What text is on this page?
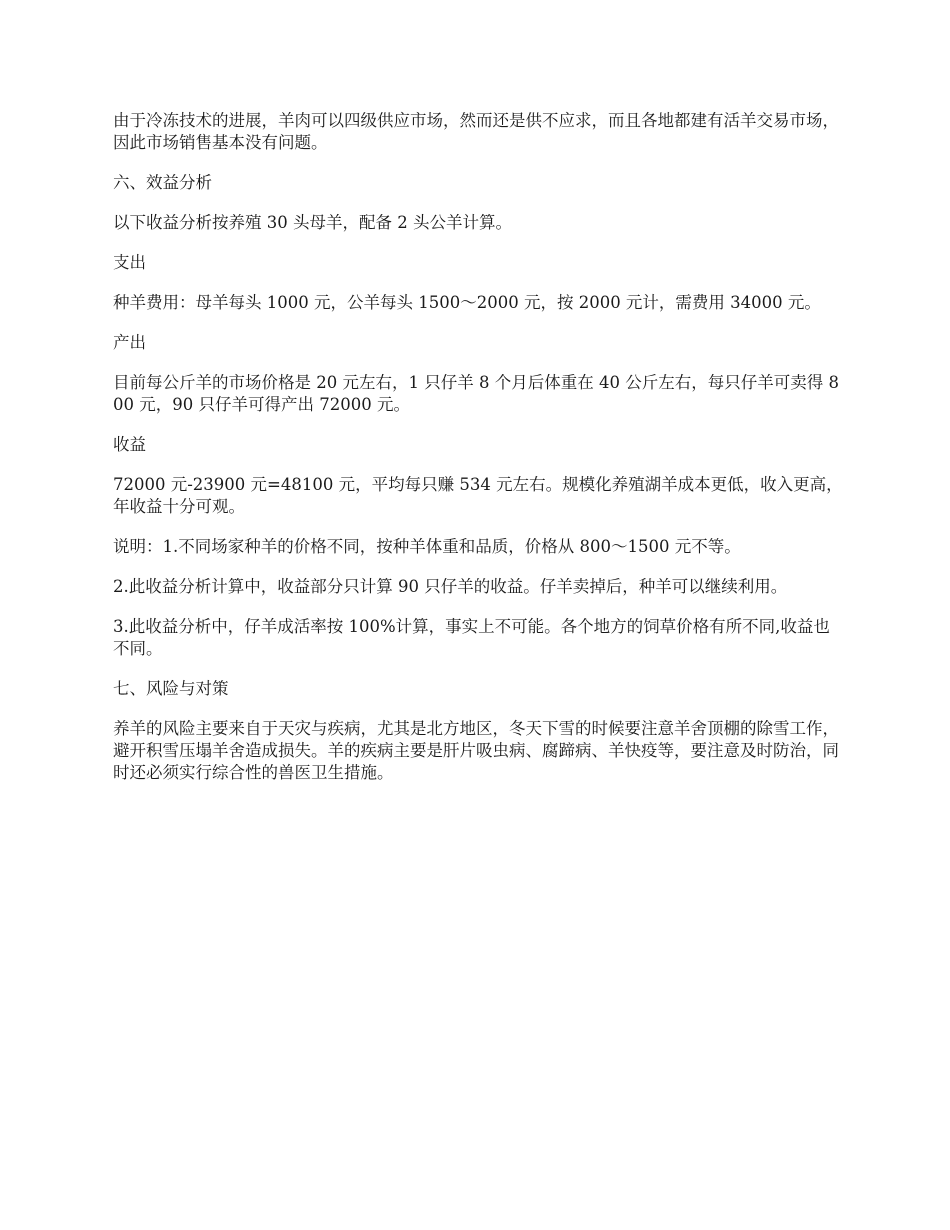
由于冷冻技术的进展，羊肉可以四级供应市场，然而还是供不应求，而且各地都建有活羊交易市场，因此市场销售基本没有问题。

六、效益分析

以下收益分析按养殖 30 头母羊，配备 2 头公羊计算。

支出

种羊费用：母羊每头 1000 元，公羊每头 1500～2000 元，按 2000 元计，需费用 34000 元。

产出

目前每公斤羊的市场价格是 20 元左右，1 只仔羊 8 个月后体重在 40 公斤左右，每只仔羊可卖得 800 元，90 只仔羊可得产出 72000 元。

收益

72000 元-23900 元=48100 元，平均每只赚 534 元左右。规模化养殖湖羊成本更低，收入更高，年收益十分可观。

说明：1.不同场家种羊的价格不同，按种羊体重和品质，价格从 800～1500 元不等。

2.此收益分析计算中，收益部分只计算 90 只仔羊的收益。仔羊卖掉后，种羊可以继续利用。

3.此收益分析中，仔羊成活率按 100%计算，事实上不可能。各个地方的饲草价格有所不同,收益也不同。

七、风险与对策

养羊的风险主要来自于天灾与疾病，尤其是北方地区，冬天下雪的时候要注意羊舍顶棚的除雪工作，避开积雪压塌羊舍造成损失。羊的疾病主要是肝片吸虫病、腐蹄病、羊快疫等，要注意及时防治，同时还必须实行综合性的兽医卫生措施。
